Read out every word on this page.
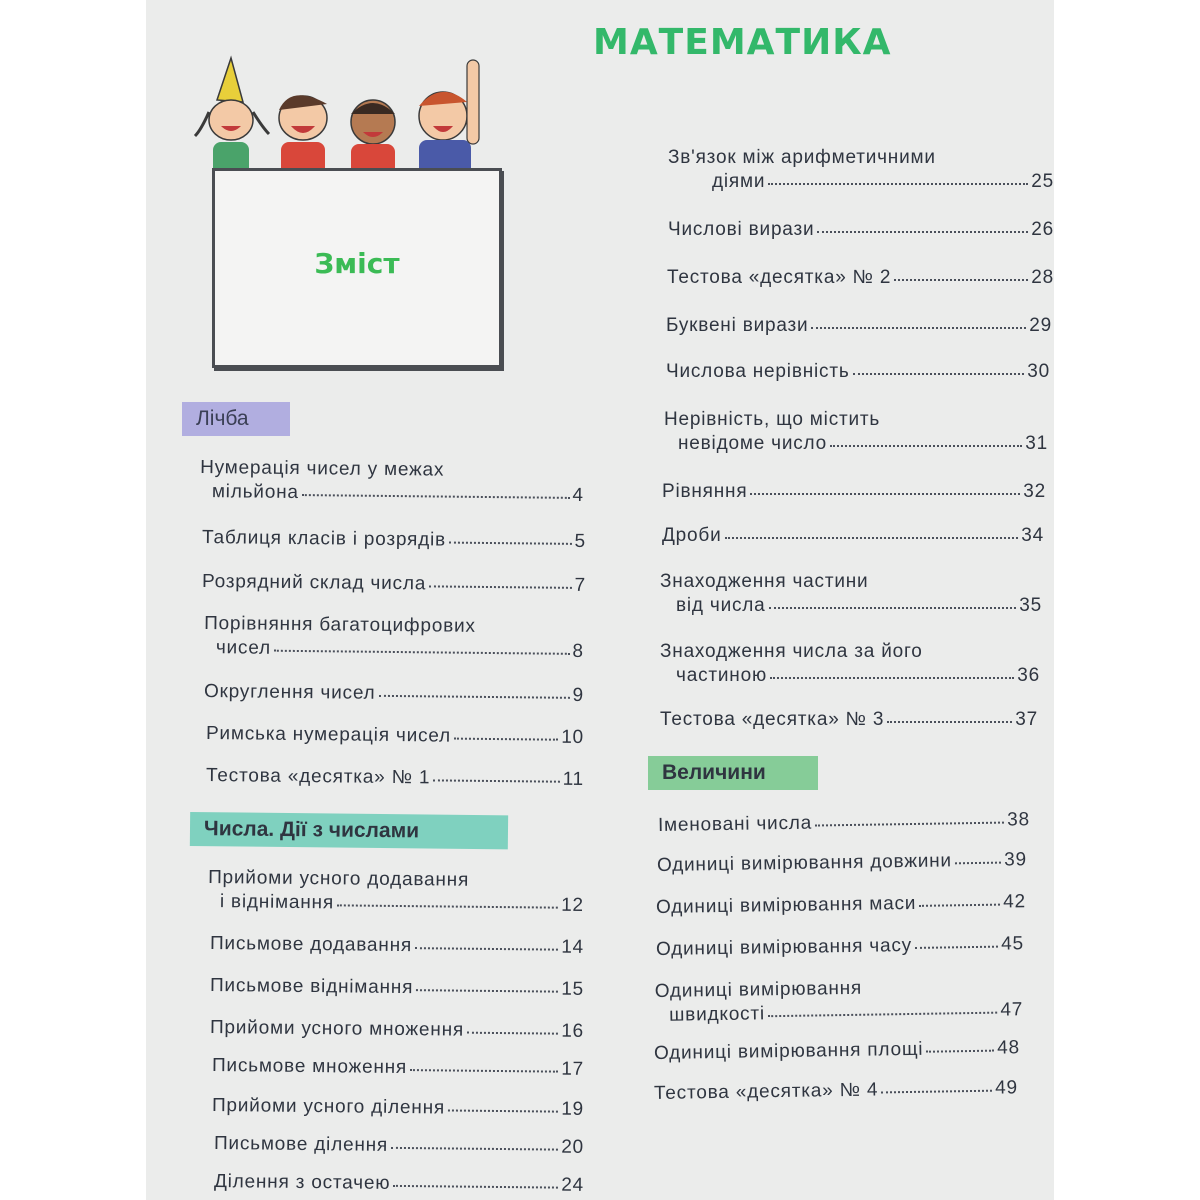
МАТЕМАТИКА
Зміст
Лічба
Нумерація чисел у межах
мільйона	4
Таблиця класів і розрядів	5
Розрядний склад числа	7
Порівняння багатоцифрових
чисел	8
Округлення чисел	9
Римська нумерація чисел	10
Тестова «десятка» № 1	11
Числа. Дії з числами
Прийоми усного додавання
і віднімання	12
Письмове додавання	14
Письмове віднімання	15
Прийоми усного множення	16
Письмове множення	17
Прийоми усного ділення	19
Письмове ділення	20
Ділення з остачею	24
Зв'язок між арифметичними
діями	25
Числові вирази	26
Тестова «десятка» № 2	28
Буквені вирази	29
Числова нерівність	30
Нерівність, що містить
невідоме число	31
Рівняння	32
Дроби	34
Знаходження частини
від числа	35
Знаходження числа за його
частиною	36
Тестова «десятка» № 3	37
Величини
Іменовані числа	38
Одиниці вимірювання довжини	39
Одиниці вимірювання маси	42
Одиниці вимірювання часу	45
Одиниці вимірювання
швидкості	47
Одиниці вимірювання площі	48
Тестова «десятка» № 4	49
